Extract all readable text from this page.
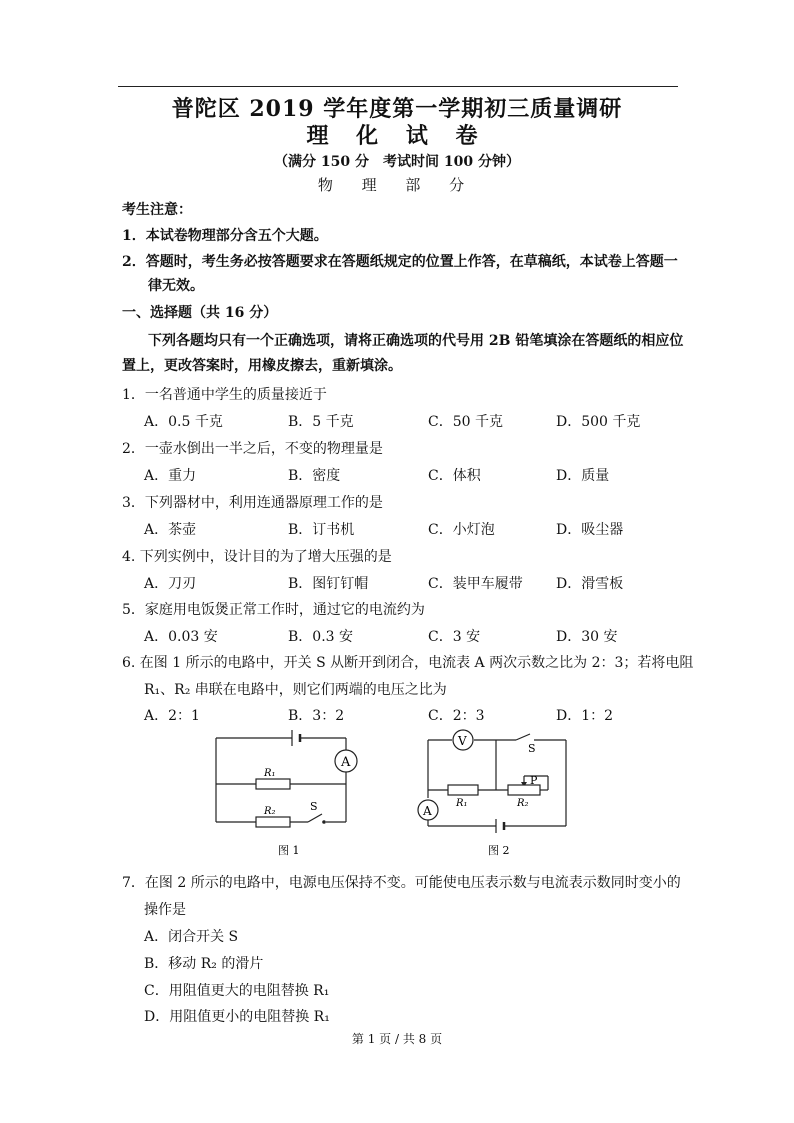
普陀区 2019 学年度第一学期初三质量调研
理 化 试 卷
（满分 150 分　考试时间 100 分钟）
物 理 部 分
考生注意：
1．本试卷物理部分含五个大题。
2．答题时，考生务必按答题要求在答题纸规定的位置上作答，在草稿纸，本试卷上答题一
律无效。
一、选择题（共 16 分）
下列各题均只有一个正确选项，请将正确选项的代号用 2B 铅笔填涂在答题纸的相应位
置上，更改答案时，用橡皮擦去，重新填涂。
1．一名普通中学生的质量接近于
A．0.5 千克	B．5 千克	C．50 千克	D．500 千克
2．一壶水倒出一半之后，不变的物理量是
A．重力	B．密度	C．体积	D．质量
3．下列器材中，利用连通器原理工作的是
A．茶壶	B．订书机	C．小灯泡	D．吸尘器
4. 下列实例中，设计目的为了增大压强的是
A．刀刃	B．图钉钉帽	C．装甲车履带 D．滑雪板
5．家庭用电饭煲正常工作时，通过它的电流约为
A．0.03 安	B．0.3 安	C．3 安	D．30 安
6. 在图 1 所示的电路中，开关 S 从断开到闭合，电流表 A 两次示数之比为 2：3；若将电阻
R₁、R₂ 串联在电路中，则它们两端的电压之比为
A．2：1	B．3：2	C．2：3	D．1：2
A
R₁
R₂	S
图 1
V
S
R₁	R₂
P
A
图 2
7．在图 2 所示的电路中，电源电压保持不变。可能使电压表示数与电流表示数同时变小的
操作是
A．闭合开关 S
B．移动 R₂ 的滑片
C．用阻值更大的电阻替换 R₁
D．用阻值更小的电阻替换 R₁
第 1 页 / 共 8 页
